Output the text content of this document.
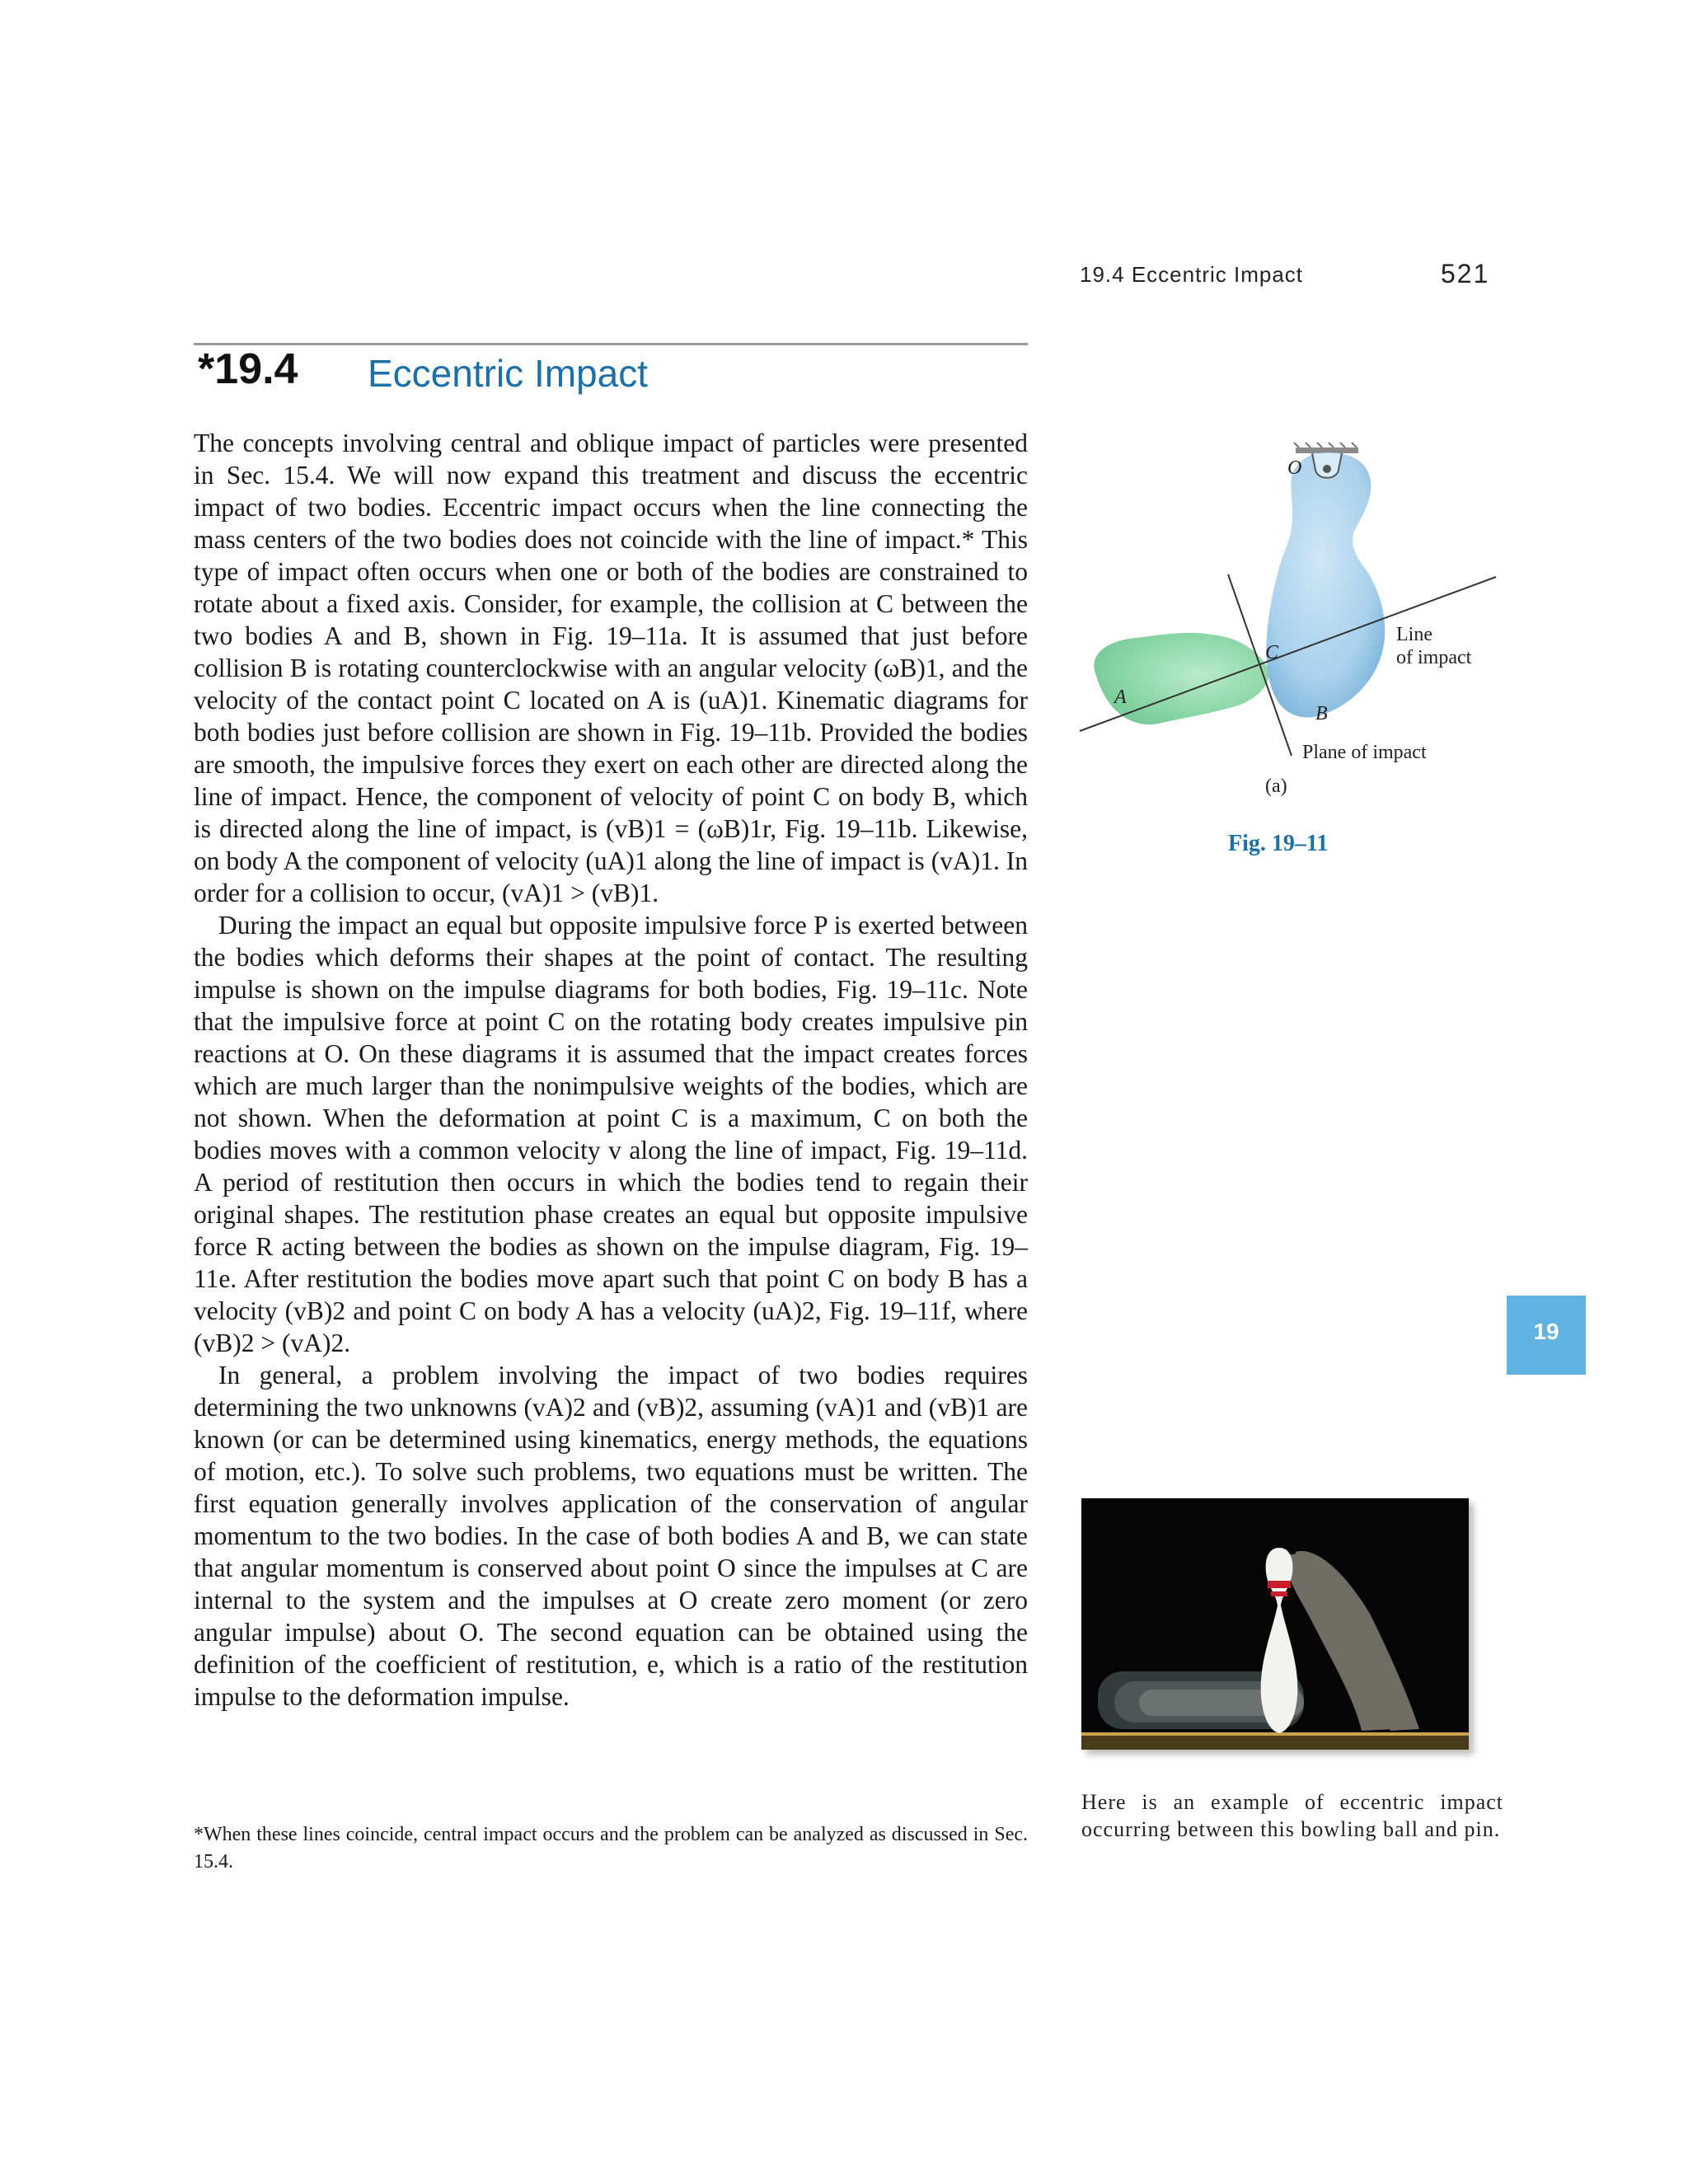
19.4 Eccentric Impact	521
*19.4 Eccentric Impact

The concepts involving central and oblique impact of particles were presented in Sec. 15.4. We will now expand this treatment and discuss the eccentric impact of two bodies. Eccentric impact occurs when the line connecting the mass centers of the two bodies does not coincide with the line of impact.* This type of impact often occurs when one or both of the bodies are constrained to rotate about a fixed axis. Consider, for example, the collision at C between the two bodies A and B, shown in Fig. 19–11a. It is assumed that just before collision B is rotating counterclockwise with an angular velocity (ωB)1, and the velocity of the contact point C located on A is (uA)1. Kinematic diagrams for both bodies just before collision are shown in Fig. 19–11b. Provided the bodies are smooth, the impulsive forces they exert on each other are directed along the line of impact. Hence, the component of velocity of point C on body B, which is directed along the line of impact, is (vB)1 = (ωB)1r, Fig. 19–11b. Likewise, on body A the component of velocity (uA)1 along the line of impact is (vA)1. In order for a collision to occur, (vA)1 > (vB)1.

During the impact an equal but opposite impulsive force P is exerted between the bodies which deforms their shapes at the point of contact. The resulting impulse is shown on the impulse diagrams for both bodies, Fig. 19–11c. Note that the impulsive force at point C on the rotating body creates impulsive pin reactions at O. On these diagrams it is assumed that the impact creates forces which are much larger than the nonimpulsive weights of the bodies, which are not shown. When the deformation at point C is a maximum, C on both the bodies moves with a common velocity v along the line of impact, Fig. 19–11d. A period of restitution then occurs in which the bodies tend to regain their original shapes. The restitution phase creates an equal but opposite impulsive force R acting between the bodies as shown on the impulse diagram, Fig. 19–11e. After restitution the bodies move apart such that point C on body B has a velocity (vB)2 and point C on body A has a velocity (uA)2, Fig. 19–11f, where (vB)2 > (vA)2.

In general, a problem involving the impact of two bodies requires determining the two unknowns (vA)2 and (vB)2, assuming (vA)1 and (vB)1 are known (or can be determined using kinematics, energy methods, the equations of motion, etc.). To solve such problems, two equations must be written. The first equation generally involves application of the conservation of angular momentum to the two bodies. In the case of both bodies A and B, we can state that angular momentum is conserved about point O since the impulses at C are internal to the system and the impulses at O create zero moment (or zero angular impulse) about O. The second equation can be obtained using the definition of the coefficient of restitution, e, which is a ratio of the restitution impulse to the deformation impulse.

*When these lines coincide, central impact occurs and the problem can be analyzed as discussed in Sec. 15.4.
19
O
C
A
B
Line
of impact
Plane of impact
(a)
Fig. 19–11
Here is an example of eccentric impact occurring between this bowling ball and pin.
